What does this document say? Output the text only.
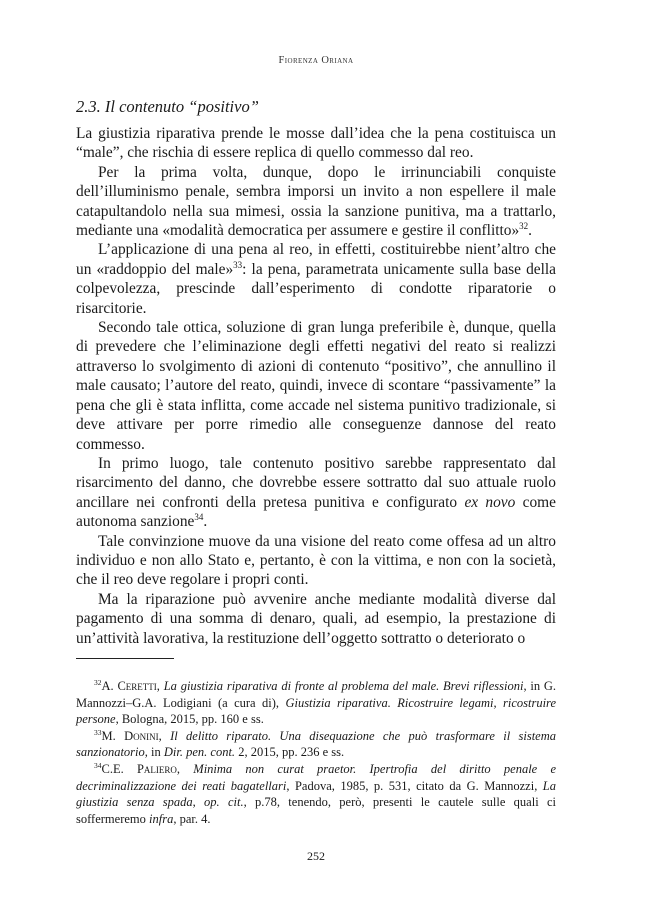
Fiorenza Oriana
2.3. Il contenuto “positivo”

La giustizia riparativa prende le mosse dall’idea che la pena costituisca un “male”, che rischia di essere replica di quello commesso dal reo.

Per la prima volta, dunque, dopo le irrinunciabili conquiste dell’illuminismo penale, sembra imporsi un invito a non espellere il male catapultandolo nella sua mimesi, ossia la sanzione punitiva, ma a trattarlo, mediante una «modalità democratica per assumere e gestire il conflitto»$^{32}$.

L’applicazione di una pena al reo, in effetti, costituirebbe nient’altro che un «raddoppio del male»$^{33}$: la pena, parametrata unicamente sulla base della colpevolezza, prescinde dall’esperimento di condotte riparatorie o risarcitorie.

Secondo tale ottica, soluzione di gran lunga preferibile è, dunque, quella di prevedere che l’eliminazione degli effetti negativi del reato si realizzi attraverso lo svolgimento di azioni di contenuto “positivo”, che annullino il male causato; l’autore del reato, quindi, invece di scontare “passivamente” la pena che gli è stata inflitta, come accade nel sistema punitivo tradizionale, si deve attivare per porre rimedio alle conseguenze dannose del reato commesso.

In primo luogo, tale contenuto positivo sarebbe rappresentato dal risarcimento del danno, che dovrebbe essere sottratto dal suo attuale ruolo ancillare nei confronti della pretesa punitiva e configurato ex novo come autonoma sanzione$^{34}$.

Tale convinzione muove da una visione del reato come offesa ad un altro individuo e non allo Stato e, pertanto, è con la vittima, e non con la società, che il reo deve regolare i propri conti.

Ma la riparazione può avvenire anche mediante modalità diverse dal pagamento di una somma di denaro, quali, ad esempio, la prestazione di un’attività lavorativa, la restituzione dell’oggetto sottratto o deteriorato o

$^{32}$A. Ceretti, La giustizia riparativa di fronte al problema del male. Brevi riflessioni, in G. Mannozzi–G.A. Lodigiani (a cura di), Giustizia riparativa. Ricostruire legami, ricostruire persone, Bologna, 2015, pp. 160 e ss.

$^{33}$M. Donini, Il delitto riparato. Una disequazione che può trasformare il sistema sanzionatorio, in Dir. pen. cont. 2, 2015, pp. 236 e ss.

$^{34}$C.E. Paliero, Minima non curat praetor. Ipertrofia del diritto penale e decriminalizzazione dei reati bagatellari, Padova, 1985, p. 531, citato da G. Mannozzi, La giustizia senza spada, op. cit., p.78, tenendo, però, presenti le cautele sulle quali ci soffermeremo infra, par. 4.

252
